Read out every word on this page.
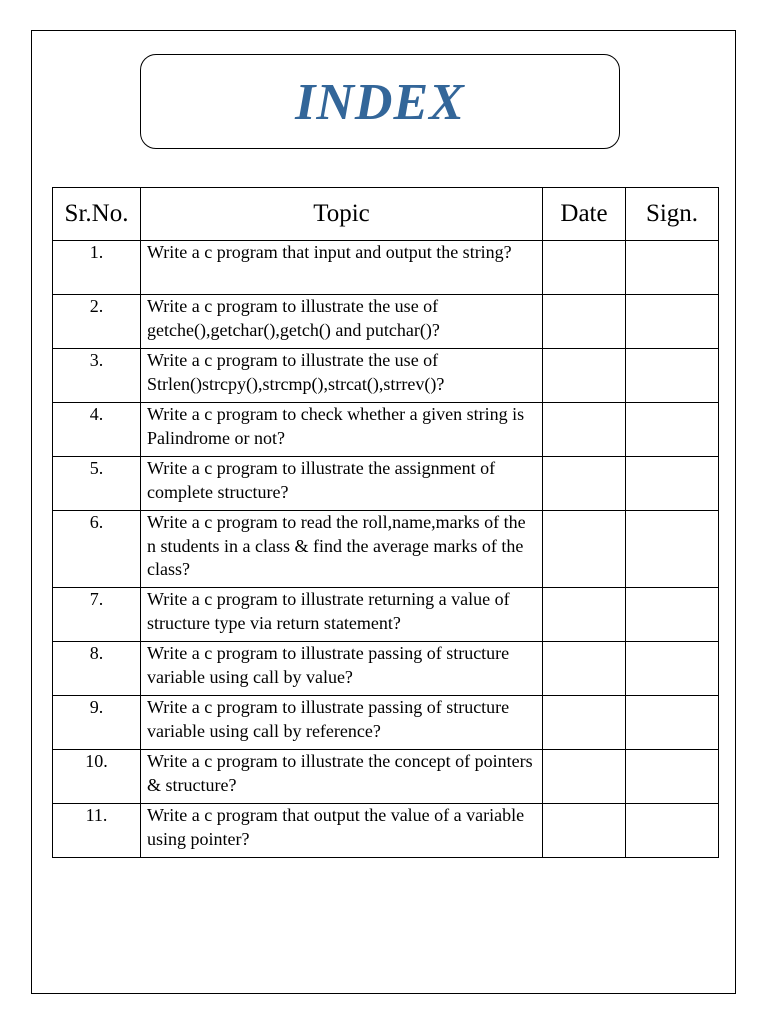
INDEX
Sr.No.	Topic	Date	Sign.
1.	Write a c program that input and output the string?		
2.	Write a c program to illustrate the use of getche(),getchar(),getch() and putchar()?		
3.	Write a c program to illustrate the use of Strlen()strcpy(),strcmp(),strcat(),strrev()?		
4.	Write a c program to check whether a given string is Palindrome or not?		
5.	Write a c program to illustrate the assignment of complete structure?		
6.	Write a c program to read the roll,name,marks of the n students in a class & find the average marks of the class?		
7.	Write a c program to illustrate returning a value of structure type via return statement?		
8.	Write a c program to illustrate passing of structure variable using call by value?		
9.	Write a c program to illustrate passing of structure variable using call by reference?		
10.	Write a c program to illustrate the concept of pointers & structure?		
11.	Write a c program that output the value of a variable using pointer?		
